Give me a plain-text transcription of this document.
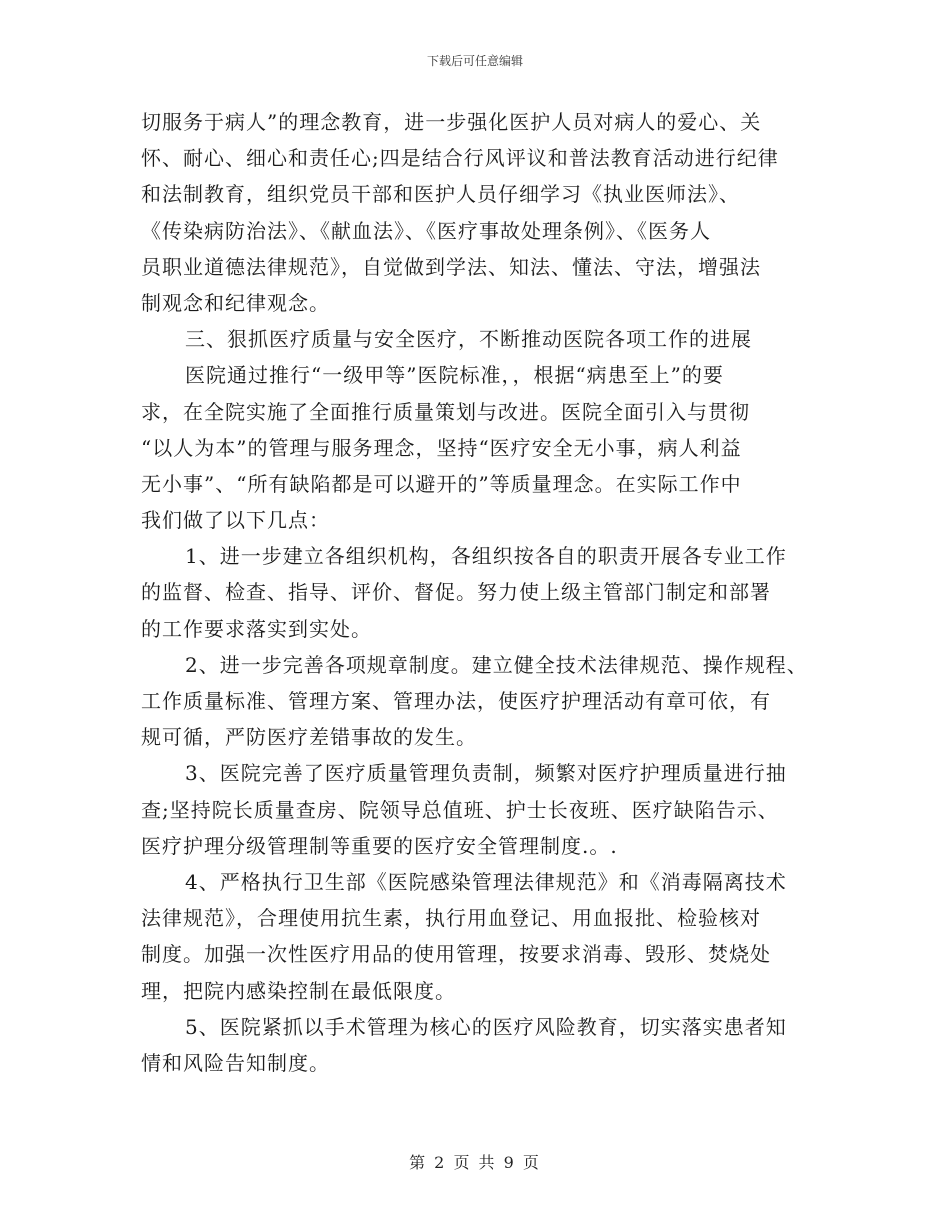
下载后可任意编辑
切服务于病人”的理念教育，进一步强化医护人员对病人的爱心、关
怀、耐心、细心和责任心;四是结合行风评议和普法教育活动进行纪律
和法制教育，组织党员干部和医护人员仔细学习《执业医师法》、
《传染病防治法》、《献血法》、《医疗事故处理条例》、《医务人
员职业道德法律规范》，自觉做到学法、知法、懂法、守法，增强法
制观念和纪律观念。
三、狠抓医疗质量与安全医疗，不断推动医院各项工作的进展
医院通过推行“一级甲等”医院标准，，根据“病患至上”的要
求，在全院实施了全面推行质量策划与改进。医院全面引入与贯彻
“以人为本”的管理与服务理念，坚持“医疗安全无小事，病人利益
无小事”、“所有缺陷都是可以避开的”等质量理念。在实际工作中
我们做了以下几点：
1、进一步建立各组织机构，各组织按各自的职责开展各专业工作
的监督、检查、指导、评价、督促。努力使上级主管部门制定和部署
的工作要求落实到实处。
2、进一步完善各项规章制度。建立健全技术法律规范、操作规程、
工作质量标准、管理方案、管理办法，使医疗护理活动有章可依，有
规可循，严防医疗差错事故的发生。
3、医院完善了医疗质量管理负责制，频繁对医疗护理质量进行抽
查;坚持院长质量查房、院领导总值班、护士长夜班、医疗缺陷告示、
医疗护理分级管理制等重要的医疗安全管理制度.。.
4、严格执行卫生部《医院感染管理法律规范》和《消毒隔离技术
法律规范》，合理使用抗生素，执行用血登记、用血报批、检验核对
制度。加强一次性医疗用品的使用管理，按要求消毒、毁形、焚烧处
理，把院内感染控制在最低限度。
5、医院紧抓以手术管理为核心的医疗风险教育，切实落实患者知
情和风险告知制度。
第 2 页 共 9 页
